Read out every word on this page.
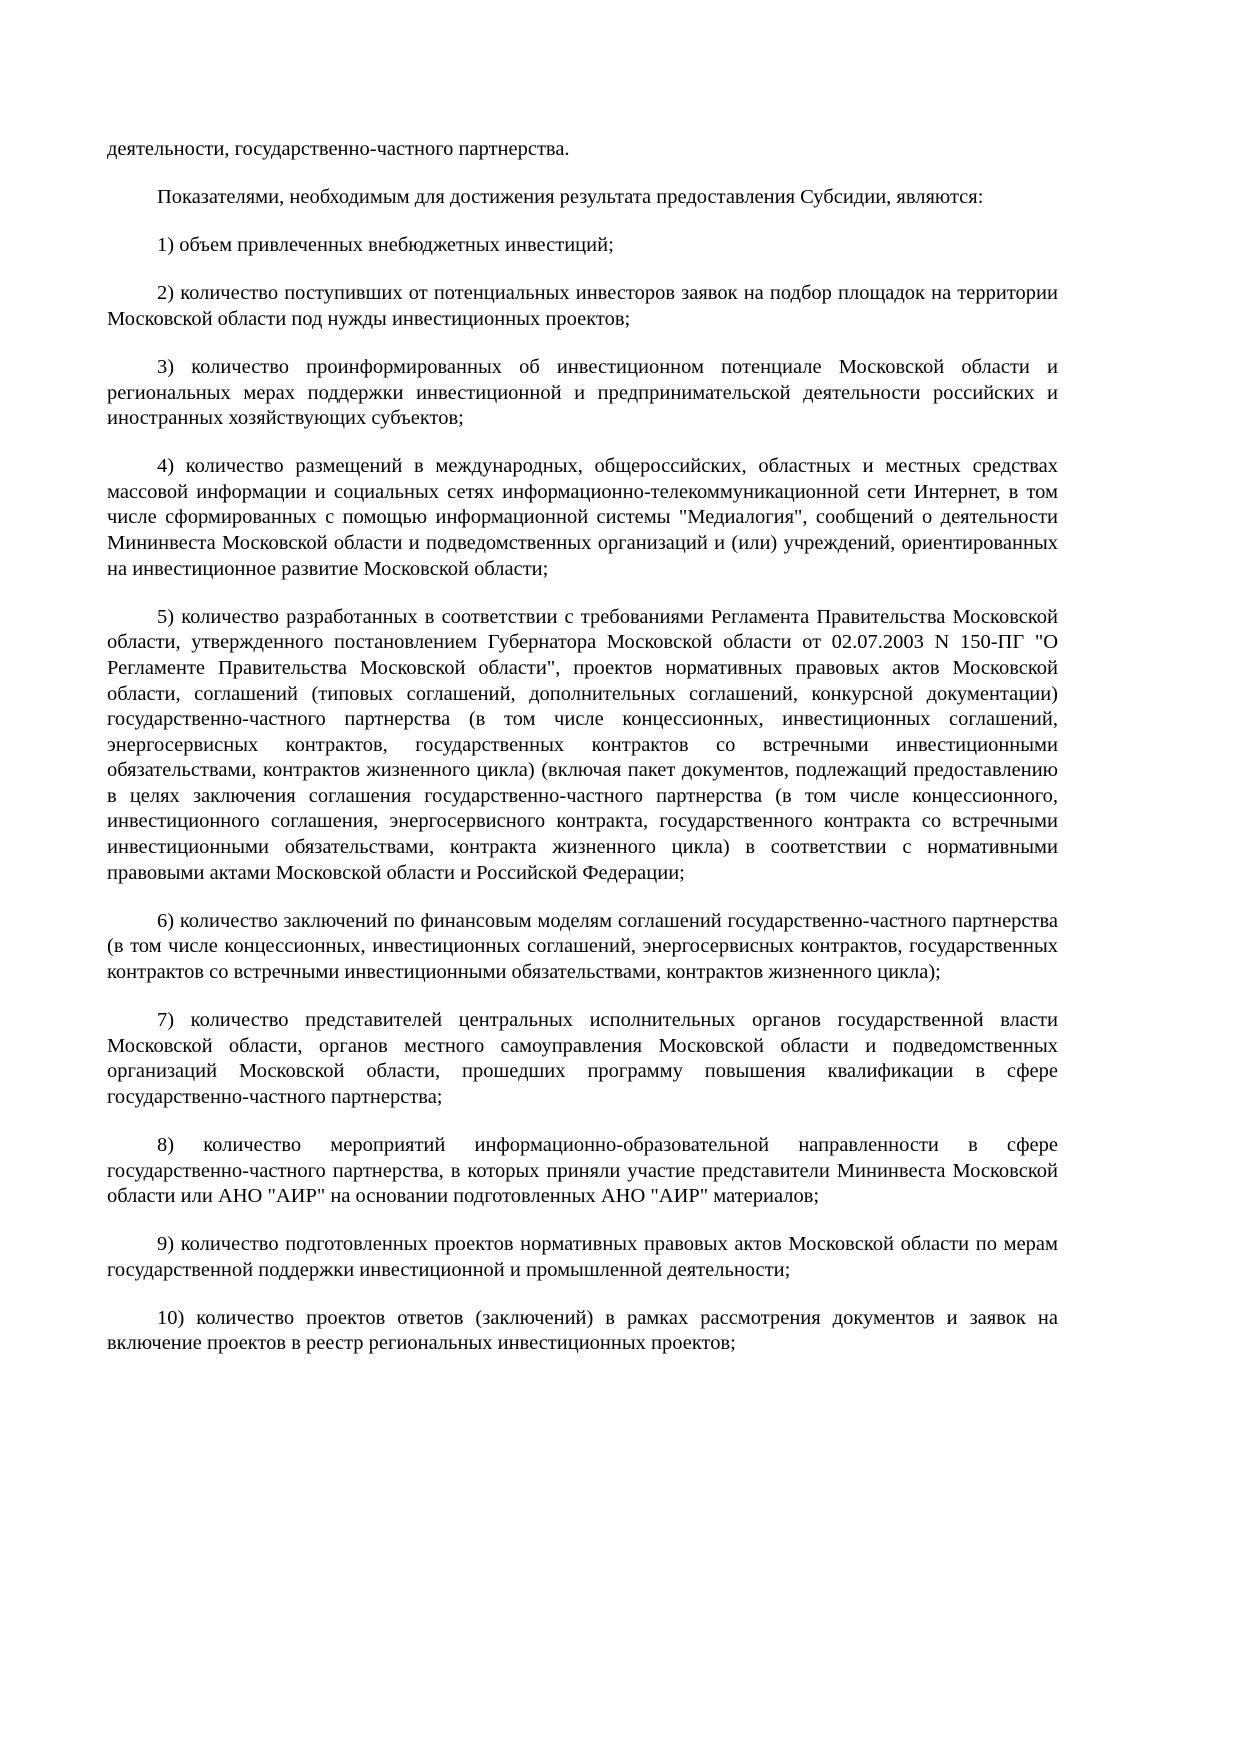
деятельности, государственно-частного партнерства.

Показателями, необходимым для достижения результата предоставления Субсидии, являются:

1) объем привлеченных внебюджетных инвестиций;

2) количество поступивших от потенциальных инвесторов заявок на подбор площадок на территории Московской области под нужды инвестиционных проектов;

3) количество проинформированных об инвестиционном потенциале Московской области и региональных мерах поддержки инвестиционной и предпринимательской деятельности российских и иностранных хозяйствующих субъектов;

4) количество размещений в международных, общероссийских, областных и местных средствах массовой информации и социальных сетях информационно-телекоммуникационной сети Интернет, в том числе сформированных с помощью информационной системы "Медиалогия", сообщений о деятельности Мининвеста Московской области и подведомственных организаций и (или) учреждений, ориентированных на инвестиционное развитие Московской области;

5) количество разработанных в соответствии с требованиями Регламента Правительства Московской области, утвержденного постановлением Губернатора Московской области от 02.07.2003 N 150-ПГ "О Регламенте Правительства Московской области", проектов нормативных правовых актов Московской области, соглашений (типовых соглашений, дополнительных соглашений, конкурсной документации) государственно-частного партнерства (в том числе концессионных, инвестиционных соглашений, энергосервисных контрактов, государственных контрактов со встречными инвестиционными обязательствами, контрактов жизненного цикла) (включая пакет документов, подлежащий предоставлению в целях заключения соглашения государственно-частного партнерства (в том числе концессионного, инвестиционного соглашения, энергосервисного контракта, государственного контракта со встречными инвестиционными обязательствами, контракта жизненного цикла) в соответствии с нормативными правовыми актами Московской области и Российской Федерации;

6) количество заключений по финансовым моделям соглашений государственно-частного партнерства (в том числе концессионных, инвестиционных соглашений, энергосервисных контрактов, государственных контрактов со встречными инвестиционными обязательствами, контрактов жизненного цикла);

7) количество представителей центральных исполнительных органов государственной власти Московской области, органов местного самоуправления Московской области и подведомственных организаций Московской области, прошедших программу повышения квалификации в сфере государственно-частного партнерства;

8) количество мероприятий информационно-образовательной направленности в сфере государственно-частного партнерства, в которых приняли участие представители Мининвеста Московской области или АНО "АИР" на основании подготовленных АНО "АИР" материалов;

9) количество подготовленных проектов нормативных правовых актов Московской области по мерам государственной поддержки инвестиционной и промышленной деятельности;

10) количество проектов ответов (заключений) в рамках рассмотрения документов и заявок на включение проектов в реестр региональных инвестиционных проектов;
